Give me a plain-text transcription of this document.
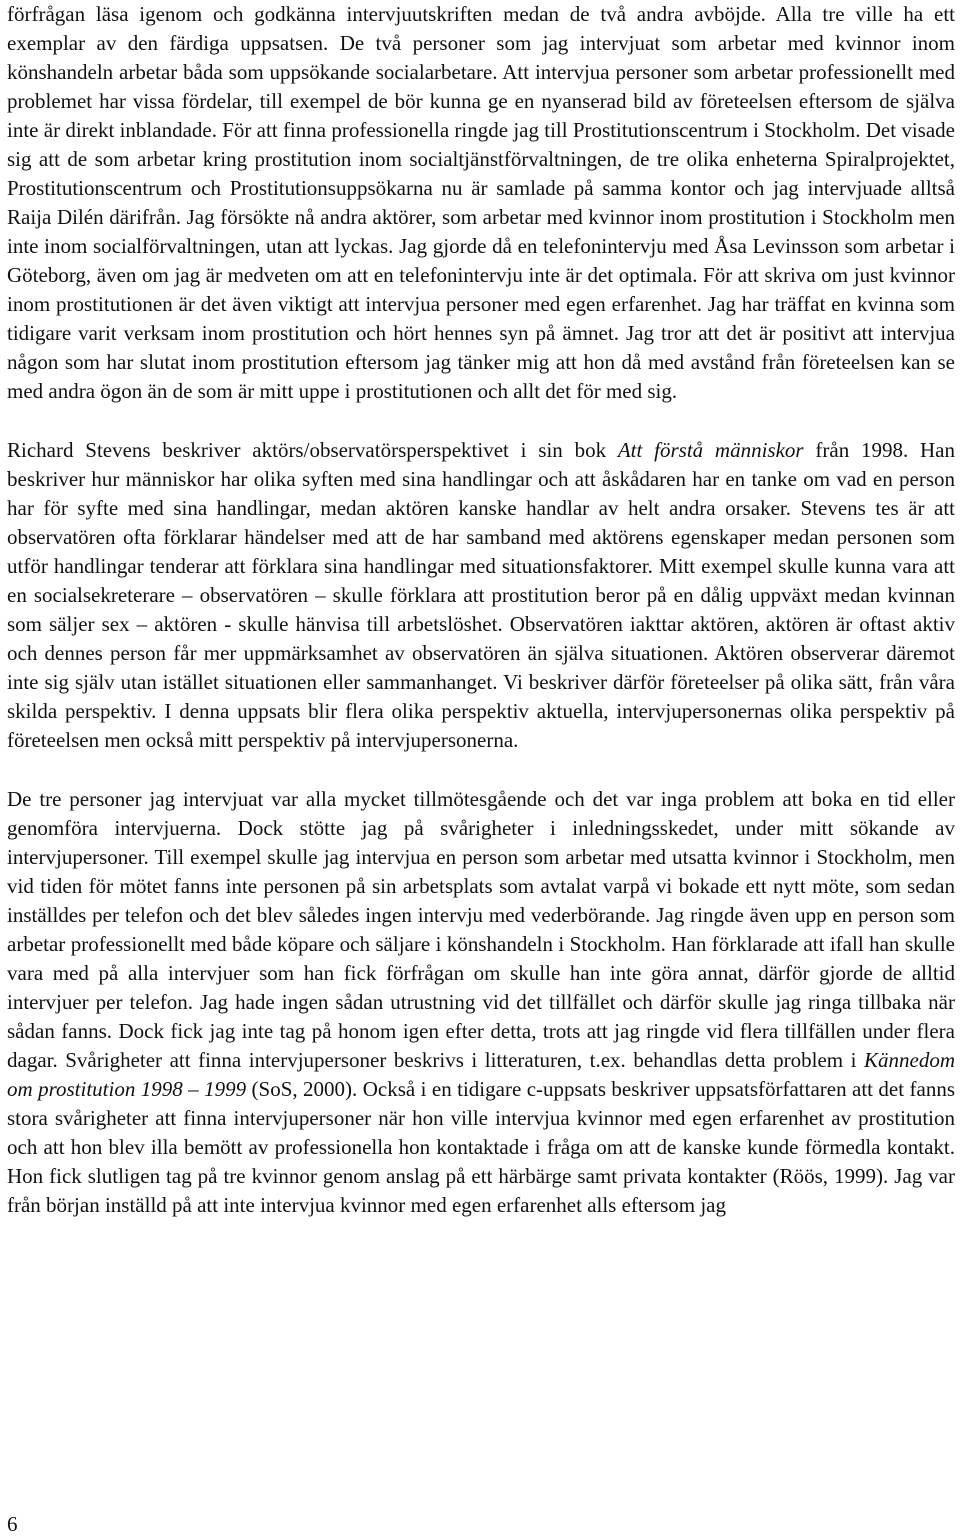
förfrågan läsa igenom och godkänna intervjuutskriften medan de två andra avböjde. Alla tre ville ha ett exemplar av den färdiga uppsatsen. De två personer som jag intervjuat som arbetar med kvinnor inom könshandeln arbetar båda som uppsökande socialarbetare. Att intervjua personer som arbetar professionellt med problemet har vissa fördelar, till exempel de bör kunna ge en nyanserad bild av företeelsen eftersom de själva inte är direkt inblandade. För att finna professionella ringde jag till Prostitutionscentrum i Stockholm. Det visade sig att de som arbetar kring prostitution inom socialtjänstförvaltningen, de tre olika enheterna Spiralprojektet, Prostitutionscentrum och Prostitutionsuppsökarna nu är samlade på samma kontor och jag intervjuade alltså Raija Dilén därifrån. Jag försökte nå andra aktörer, som arbetar med kvinnor inom prostitution i Stockholm men inte inom socialförvaltningen, utan att lyckas. Jag gjorde då en telefonintervju med Åsa Levinsson som arbetar i Göteborg, även om jag är medveten om att en telefonintervju inte är det optimala. För att skriva om just kvinnor inom prostitutionen är det även viktigt att intervjua personer med egen erfarenhet. Jag har träffat en kvinna som tidigare varit verksam inom prostitution och hört hennes syn på ämnet. Jag tror att det är positivt att intervjua någon som har slutat inom prostitution eftersom jag tänker mig att hon då med avstånd från företeelsen kan se med andra ögon än de som är mitt uppe i prostitutionen och allt det för med sig.

Richard Stevens beskriver aktörs/observatörsperspektivet i sin bok Att förstå människor från 1998. Han beskriver hur människor har olika syften med sina handlingar och att åskådaren har en tanke om vad en person har för syfte med sina handlingar, medan aktören kanske handlar av helt andra orsaker. Stevens tes är att observatören ofta förklarar händelser med att de har samband med aktörens egenskaper medan personen som utför handlingar tenderar att förklara sina handlingar med situationsfaktorer. Mitt exempel skulle kunna vara att en socialsekreterare – observatören – skulle förklara att prostitution beror på en dålig uppväxt medan kvinnan som säljer sex – aktören - skulle hänvisa till arbetslöshet. Observatören iakttar aktören, aktören är oftast aktiv och dennes person får mer uppmärksamhet av observatören än själva situationen. Aktören observerar däremot inte sig själv utan istället situationen eller sammanhanget. Vi beskriver därför företeelser på olika sätt, från våra skilda perspektiv. I denna uppsats blir flera olika perspektiv aktuella, intervjupersonernas olika perspektiv på företeelsen men också mitt perspektiv på intervjupersonerna.

De tre personer jag intervjuat var alla mycket tillmötesgående och det var inga problem att boka en tid eller genomföra intervjuerna. Dock stötte jag på svårigheter i inledningsskedet, under mitt sökande av intervjupersoner. Till exempel skulle jag intervjua en person som arbetar med utsatta kvinnor i Stockholm, men vid tiden för mötet fanns inte personen på sin arbetsplats som avtalat varpå vi bokade ett nytt möte, som sedan inställdes per telefon och det blev således ingen intervju med vederbörande. Jag ringde även upp en person som arbetar professionellt med både köpare och säljare i könshandeln i Stockholm. Han förklarade att ifall han skulle vara med på alla intervjuer som han fick förfrågan om skulle han inte göra annat, därför gjorde de alltid intervjuer per telefon. Jag hade ingen sådan utrustning vid det tillfället och därför skulle jag ringa tillbaka när sådan fanns. Dock fick jag inte tag på honom igen efter detta, trots att jag ringde vid flera tillfällen under flera dagar. Svårigheter att finna intervjupersoner beskrivs i litteraturen, t.ex. behandlas detta problem i Kännedom om prostitution 1998 – 1999 (SoS, 2000). Också i en tidigare c-uppsats beskriver uppsatsförfattaren att det fanns stora svårigheter att finna intervjupersoner när hon ville intervjua kvinnor med egen erfarenhet av prostitution och att hon blev illa bemött av professionella hon kontaktade i fråga om att de kanske kunde förmedla kontakt. Hon fick slutligen tag på tre kvinnor genom anslag på ett härbärge samt privata kontakter (Röös, 1999). Jag var från början inställd på att inte intervjua kvinnor med egen erfarenhet alls eftersom jag

6
